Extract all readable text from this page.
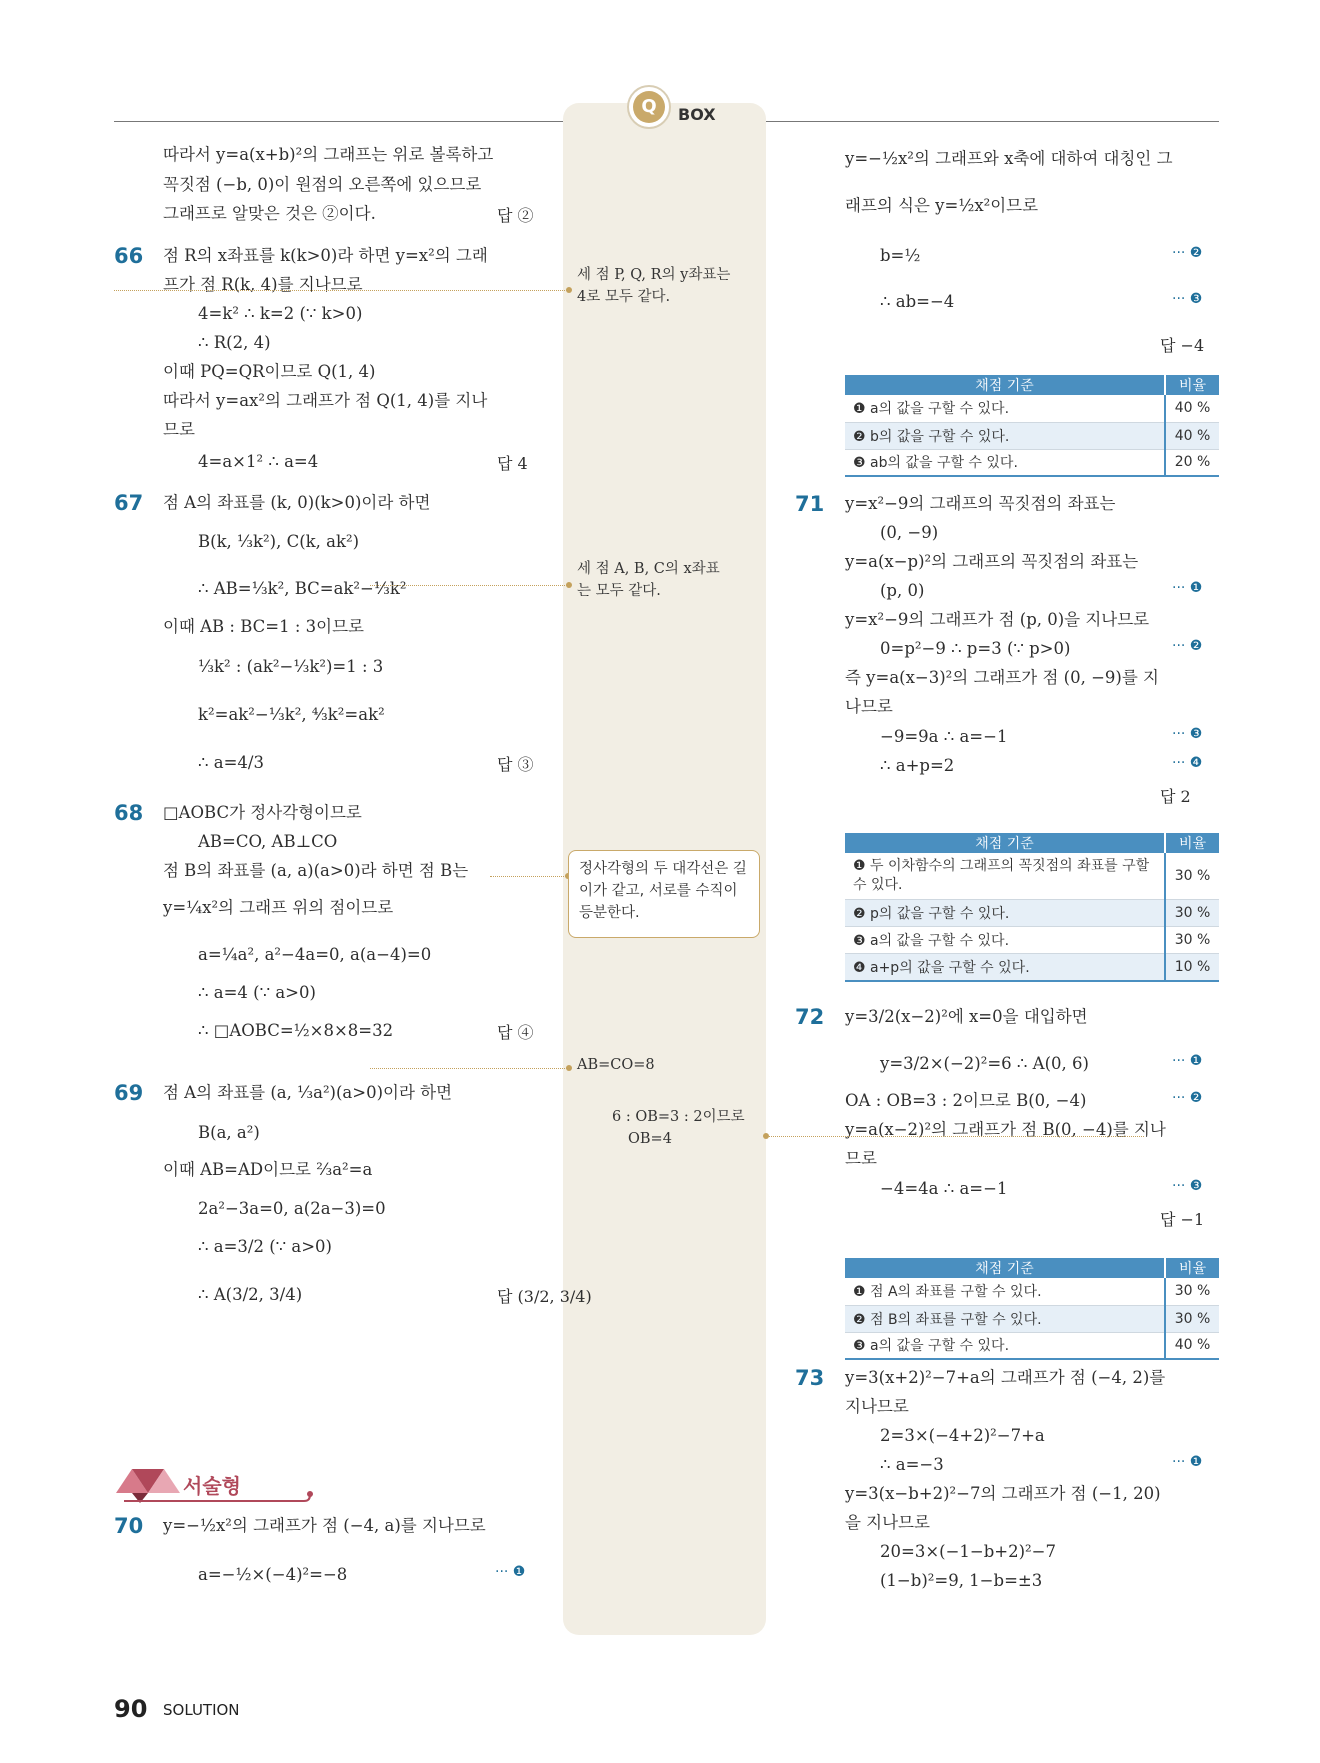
Q	BOX
따라서 y=a(x+b)²의 그래프는 위로 볼록하고
꼭짓점 (−b, 0)이 원점의 오른쪽에 있으므로
그래프로 알맞은 것은 ②이다.
점 R의 x좌표를 k(k>0)라 하면 y=x²의 그래
프가 점 R(k, 4)를 지나므로
4=k² ∴ k=2 (∵ k>0)
∴ R(2, 4)
이때 PQ=QR이므로 Q(1, 4)
따라서 y=ax²의 그래프가 점 Q(1, 4)를 지나
므로
4=a×1² ∴ a=4
점 A의 좌표를 (k, 0)(k>0)이라 하면
B(k, ⅓k²), C(k, ak²)
∴ AB=⅓k², BC=ak²−⅓k²
이때 AB : BC=1 : 3이므로
⅓k² : (ak²−⅓k²)=1 : 3
k²=ak²−⅓k², ⁴⁄₃k²=ak²
∴ a=4/3
□AOBC가 정사각형이므로
AB=CO, AB⊥CO
점 B의 좌표를 (a, a)(a>0)라 하면 점 B는
y=¼x²의 그래프 위의 점이므로
a=¼a², a²−4a=0, a(a−4)=0
∴ a=4 (∵ a>0)
∴ □AOBC=½×8×8=32
점 A의 좌표를 (a, ⅓a²)(a>0)이라 하면
B(a, a²)
이때 AB=AD이므로 ⅔a²=a
2a²−3a=0, a(2a−3)=0
∴ a=3/2 (∵ a>0)
∴ A(3/2, 3/4)
y=−½x²의 그래프가 점 (−4, a)를 지나므로
a=−½×(−4)²=−8
66
67
68
69
70
답 ②
답 4
답 ③
답 ④
답 (3/2, 3/4)
··· ❶
y=−½x²의 그래프와 x축에 대하여 대칭인 그
래프의 식은 y=½x²이므로
b=½
∴ ab=−4
y=x²−9의 그래프의 꼭짓점의 좌표는
(0, −9)
y=a(x−p)²의 그래프의 꼭짓점의 좌표는
(p, 0)
y=x²−9의 그래프가 점 (p, 0)을 지나므로
0=p²−9 ∴ p=3 (∵ p>0)
즉 y=a(x−3)²의 그래프가 점 (0, −9)를 지
나므로
−9=9a ∴ a=−1
∴ a+p=2
y=3/2(x−2)²에 x=0을 대입하면
y=3/2×(−2)²=6 ∴ A(0, 6)
OA : OB=3 : 2이므로 B(0, −4)
y=a(x−2)²의 그래프가 점 B(0, −4)를 지나
므로
−4=4a ∴ a=−1
y=3(x+2)²−7+a의 그래프가 점 (−4, 2)를
지나므로
2=3×(−4+2)²−7+a
∴ a=−3
y=3(x−b+2)²−7의 그래프가 점 (−1, 20)
을 지나므로
20=3×(−1−b+2)²−7
(1−b)²=9, 1−b=±3
71
72
73
··· ❷
··· ❸
··· ❶
··· ❷
··· ❸
··· ❹
··· ❶
··· ❷
··· ❸
··· ❶
답 −4
답 2
답 −1
세 점 P, Q, R의 y좌표는
4로 모두 같다.
세 점 A, B, C의 x좌표
는 모두 같다.
6 : OB=3 : 2이므로
OB=4
정사각형의 두 대각선은 길이가 같고, 서로를 수직이등분한다.
AB=CO=8
서술형
90 SOLUTION
채점 기준	비율
❶ a의 값을 구할 수 있다.	40 %
❷ b의 값을 구할 수 있다.	40 %
❸ ab의 값을 구할 수 있다.	20 %
채점 기준	비율
❶ 두 이차함수의 그래프의 꼭짓점의 좌표를 구할 수 있다.	30 %
❷ p의 값을 구할 수 있다.	30 %
❸ a의 값을 구할 수 있다.	30 %
❹ a+p의 값을 구할 수 있다.	10 %
채점 기준	비율
❶ 점 A의 좌표를 구할 수 있다.	30 %
❷ 점 B의 좌표를 구할 수 있다.	30 %
❸ a의 값을 구할 수 있다.	40 %
